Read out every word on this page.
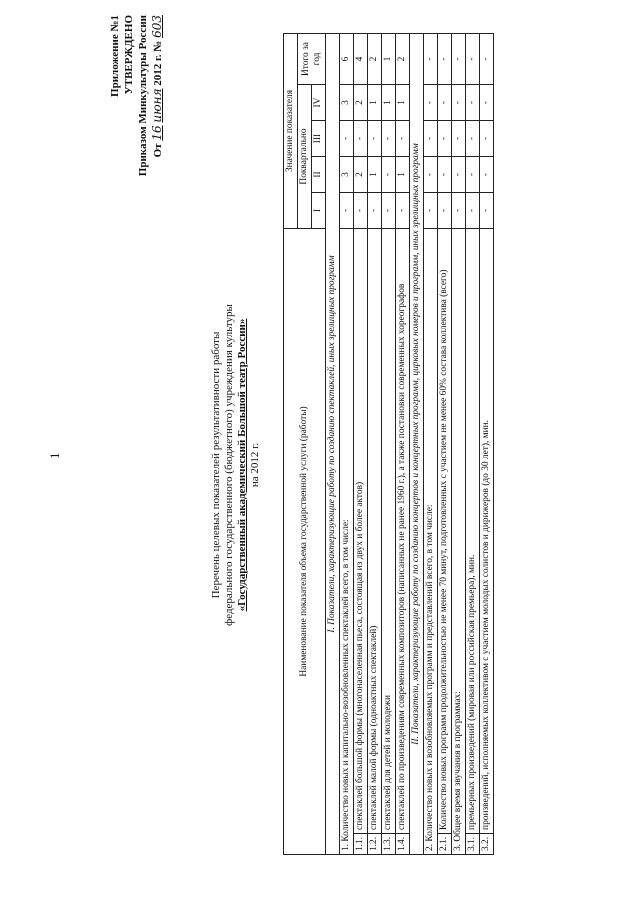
1
Приложение №1 УТВЕРЖДЕНО Приказом Минкультуры России От 16 июня 2012 г. № 603
Перечень целевых показателей результативности работы федерального государственного (бюджетного) учреждения культуры «Государственный академический Большой театр России» на 2012 г.	Наименование показателя объема государственной услуги (работы)		Значение показателя				
		Поквартально				Итого за год
		I	II	III	IV	
I. Показатели, характеризующие работу по созданию спектаклей, иных зрелищных программ						
1. Количество новых и капитально-возобновленных спектаклей всего, в том числе:		-	3	-	3	6
1.1.	спектаклей большой формы (многонаселенная пьеса, состоящая из двух и более актов)	-	2	-	2	4
1.2.	спектаклей малой формы (одноактных спектаклей)	-	1	-	1	2
1.3.	спектаклей для детей и молодежи	-	-	-	1	1
1.4.	спектаклей по произведениям современных композиторов (написанных не ранее 1960 г.), а также постановки современных хореографов	-	1	-	1	2
II. Показатели, характеризующие работу по созданию концертов и концертных программ, цирковых номеров и программ, иных зрелищных программ						
2. Количество новых и возобновляемых программ и представлений всего, в том числе:		-	-	-	-	-
2.1.	Количество новых программ продолжительностью не менее 70 минут, подготовленных с участием не менее 60% состава коллектива (всего)	-	-	-	-	-
3. Общее время звучания в программах:		-	-	-	-	-
3.1.	премьерных произведений (мировая или российская премьера), мин.	-	-	-	-	-
3.2.	произведений, исполняемых коллективом с участием молодых солистов и дирижеров (до 30 лет), мин.	-	-	-	-	-
